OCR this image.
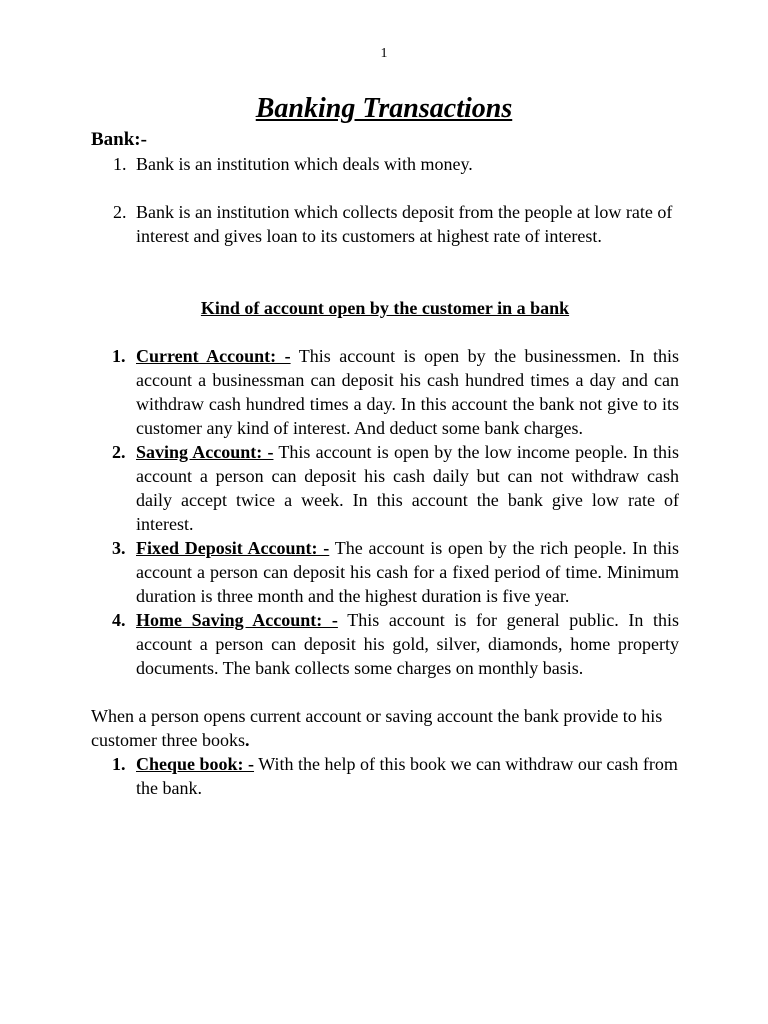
1
Banking Transactions

Bank:-

1. Bank is an institution which deals with money.
2. Bank is an institution which collects deposit from the people at low rate of interest and gives loan to its customers at highest rate of interest.
Kind of account open by the customer in a bank
1. Current Account: - This account is open by the businessmen. In this account a businessman can deposit his cash hundred times a day and can withdraw cash hundred times a day. In this account the bank not give to its customer any kind of interest. And deduct some bank charges.
2. Saving Account: - This account is open by the low income people. In this account a person can deposit his cash daily but can not withdraw cash daily accept twice a week. In this account the bank give low rate of interest.
3. Fixed Deposit Account: - The account is open by the rich people. In this account a person can deposit his cash for a fixed period of time. Minimum duration is three month and the highest duration is five year.
4. Home Saving Account: - This account is for general public. In this account a person can deposit his gold, silver, diamonds, home property documents. The bank collects some charges on monthly basis.

When a person opens current account or saving account the bank provide to his customer three books.

1. Cheque book: - With the help of this book we can withdraw our cash from the bank.
